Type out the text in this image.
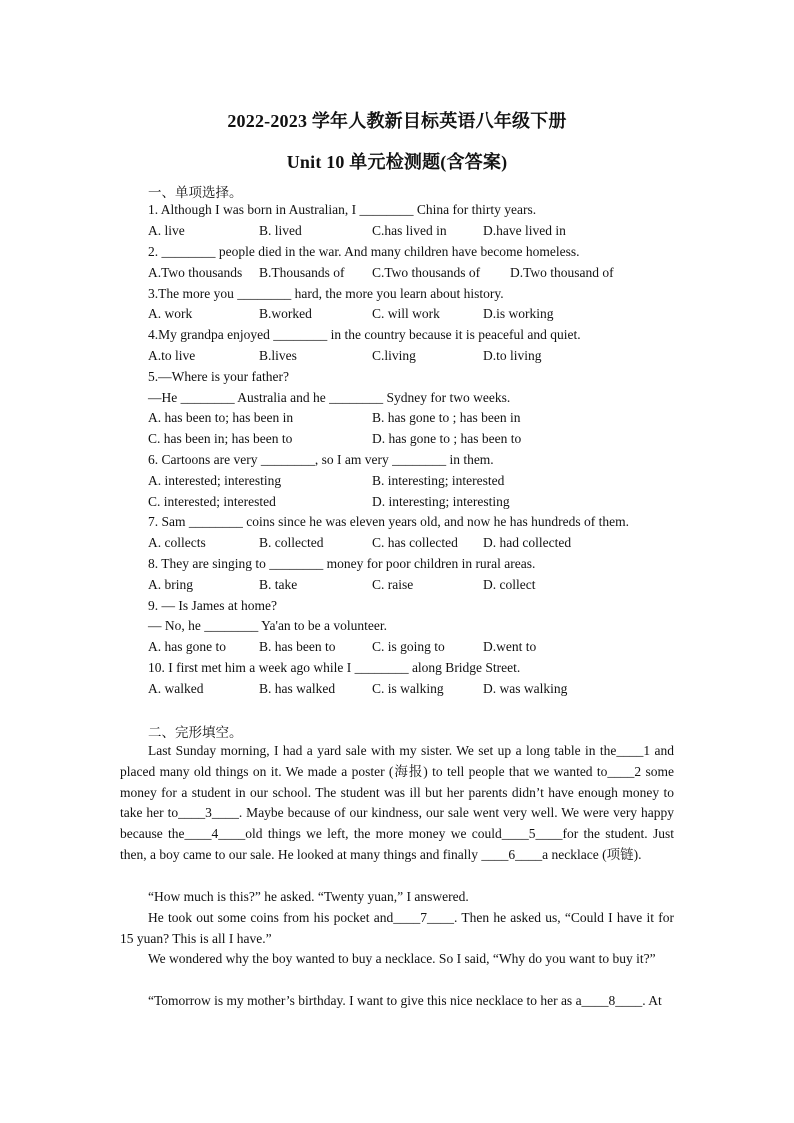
2022-2023 学年人教新目标英语八年级下册
Unit 10 单元检测题(含答案)
一、单项选择。
1. Although I was born in Australian, I ________ China for thirty years.
A. live	B. lived	C.has lived in	D.have lived in
2. ________ people died in the war. And many children have become homeless.
A.Two thousands B.Thousands of C.Two thousands of D.Two thousand of
3.The more you ________ hard, the more you learn about history.
A. work	B.worked	C. will work	D.is working
4.My grandpa enjoyed ________ in the country because it is peaceful and quiet.
A.to live	B.lives	C.living	D.to living
5.—Where is your father?
—He ________ Australia and he ________ Sydney for two weeks.
A. has been to; has been in	B. has gone to ; has been in
C. has been in; has been to	D. has gone to ; has been to
6. Cartoons are very ________, so I am very ________ in them.
A. interested; interesting	B. interesting; interested
C. interested; interested	D. interesting; interesting
7. Sam ________ coins since he was eleven years old, and now he has hundreds of them.
A. collects	B. collected	C. has collected D. had collected
8. They are singing to ________ money for poor children in rural areas.
A. bring	B. take	C. raise	D. collect
9. — Is James at home?
— No, he ________ Ya'an to be a volunteer.
A. has gone to B. has been to	C. is going to	D.went to
10. I first met him a week ago while I ________ along Bridge Street.
A. walked	B. has walked	C. is walking	D. was walking
二、完形填空。
Last Sunday morning, I had a yard sale with my sister. We set up a long table in the____1 and placed many old things on it. We made a poster (海报) to tell people that we wanted to____2 some money for a student in our school. The student was ill but her parents didn’t have enough money to take her to____3____. Maybe because of our kindness, our sale went very well. We were very happy because the____4____old things we left, the more money we could____5____for the student. Just then, a boy came to our sale. He looked at many things and finally ____6____a necklace (项链).
“How much is this?” he asked. “Twenty yuan,” I answered.
He took out some coins from his pocket and____7____. Then he asked us, “Could I have it for 15 yuan? This is all I have.”
We wondered why the boy wanted to buy a necklace. So I said, “Why do you want to buy it?”
“Tomorrow is my mother’s birthday. I want to give this nice necklace to her as a____8____. At
